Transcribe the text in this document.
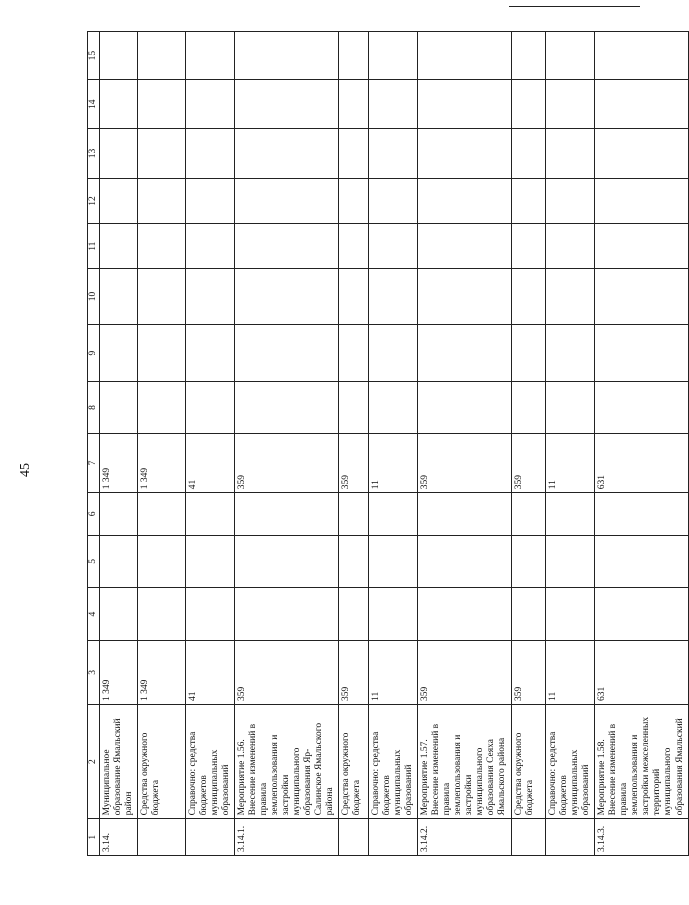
45
1	2	3	4	5	6	7	8	9	10	11	12	13	14	15
3.14.	Муниципальное образование Ямальский район	1 349				1 349								
	Средства окружного бюджета	1 349				1 349								
	Справочно: средства бюджетов муниципальных образований	41				41								
3.14.1.	Мероприятие 1.56. Внесение изменений в правила землепользования и застройки муниципального образования Яр-Салинское Ямальского района	359				359								
	Средства окружного бюджета	359				359								
	Справочно: средства бюджетов муниципальных образований	11				11								
3.14.2.	Мероприятие 1.57. Внесение изменений в правила землепользования и застройки муниципального образования Сеяха Ямальского района	359				359								
	Средства окружного бюджета	359				359								
	Справочно: средства бюджетов муниципальных образований	11				11								
3.14.3.	Мероприятие 1.58. Внесение изменений в правила землепользования и застройки межселенных территорий муниципального образования Ямальский	631				631								
